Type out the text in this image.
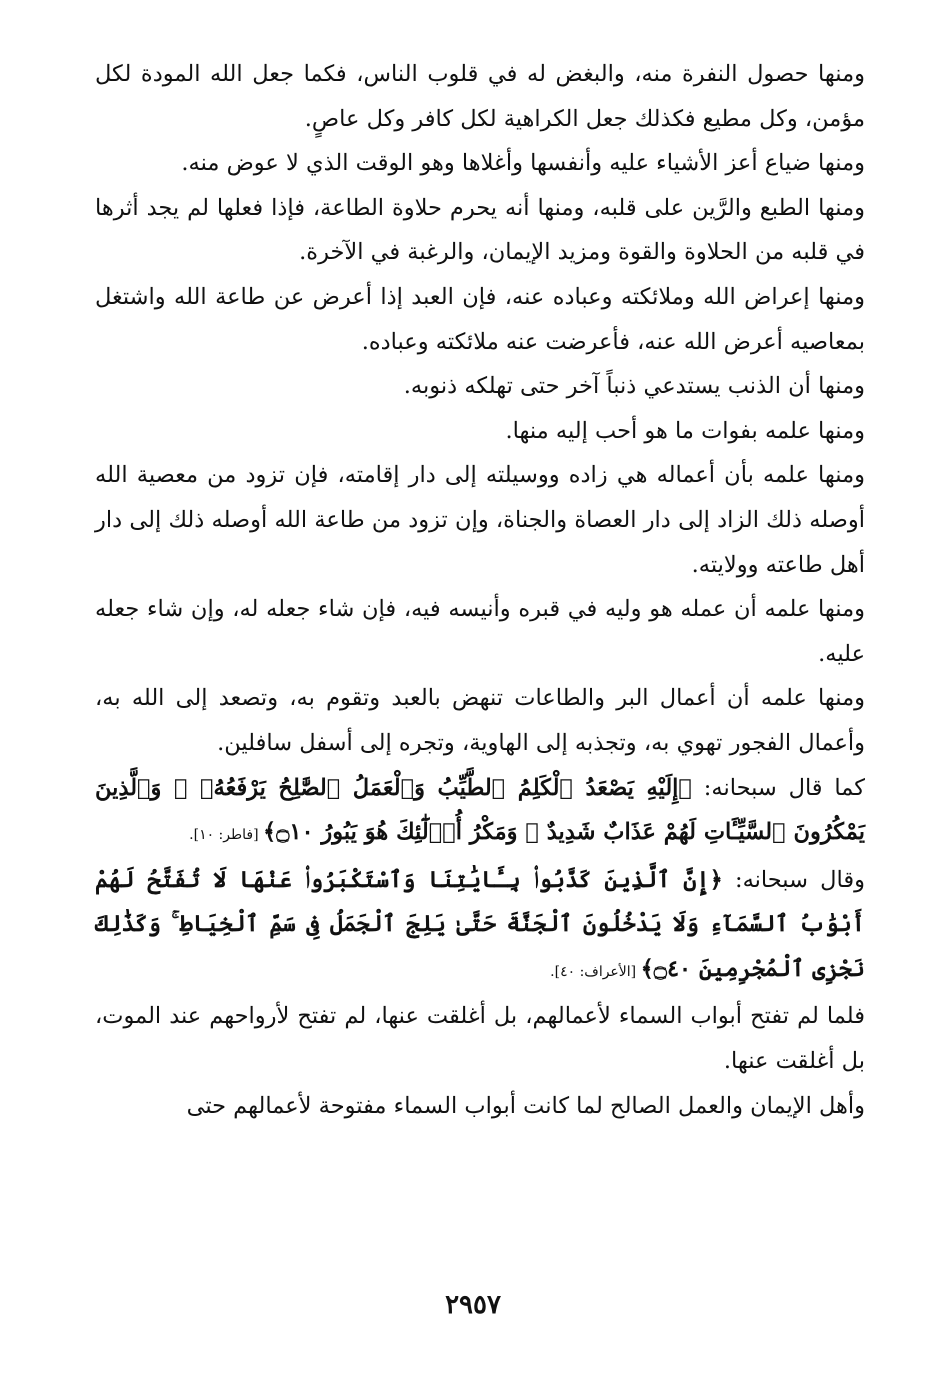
ومنها حصول النفرة منه، والبغض له في قلوب الناس، فكما جعل الله المودة لكل مؤمن، وكل مطيع فكذلك جعل الكراهية لكل كافر وكل عاصٍ.

ومنها ضياع أعز الأشياء عليه وأنفسها وأغلاها وهو الوقت الذي لا عوض منه.

ومنها الطبع والرَّين على قلبه، ومنها أنه يحرم حلاوة الطاعة، فإذا فعلها لم يجد أثرها في قلبه من الحلاوة والقوة ومزيد الإيمان، والرغبة في الآخرة.

ومنها إعراض الله وملائكته وعباده عنه، فإن العبد إذا أعرض عن طاعة الله واشتغل بمعاصيه أعرض الله عنه، فأعرضت عنه ملائكته وعباده.

ومنها أن الذنب يستدعي ذنباً آخر حتى تهلكه ذنوبه.

ومنها علمه بفوات ما هو أحب إليه منها.

ومنها علمه بأن أعماله هي زاده ووسيلته إلى دار إقامته، فإن تزود من معصية الله أوصله ذلك الزاد إلى دار العصاة والجناة، وإن تزود من طاعة الله أوصله ذلك إلى دار أهل طاعته وولايته.

ومنها علمه أن عمله هو وليه في قبره وأنيسه فيه، فإن شاء جعله له، وإن شاء جعله عليه.

ومنها علمه أن أعمال البر والطاعات تنهض بالعبد وتقوم به، وتصعد إلى الله به، وأعمال الفجور تهوي به، وتجذبه إلى الهاوية، وتجره إلى أسفل سافلين.

كما قال سبحانه: ﴿إِلَيْهِ يَصْعَدُ ٱلْكَلِمُ ٱلطَّيِّبُ وَٱلْعَمَلُ ٱلصَّٰلِحُ يَرْفَعُهُۥ ۚ وَٱلَّذِينَ يَمْكُرُونَ ٱلسَّيِّـَٔاتِ لَهُمْ عَذَابٌ شَدِيدٌ ۖ وَمَكْرُ أُو۟لَٰٓئِكَ هُوَ يَبُورُ ۝١٠﴾ [فاطر: ١٠].

وقال سبحانه: ﴿إِنَّ ٱلَّذِينَ كَذَّبُوا۟ بِـَٔايَٰتِنَا وَٱسْتَكْبَرُوا۟ عَنْهَا لَا تُفَتَّحُ لَهُمْ أَبْوَٰبُ ٱلسَّمَآءِ وَلَا يَدْخُلُونَ ٱلْجَنَّةَ حَتَّىٰ يَلِجَ ٱلْجَمَلُ فِى سَمِّ ٱلْخِيَاطِ ۚ وَكَذَٰلِكَ نَجْزِى ٱلْمُجْرِمِينَ ۝٤٠﴾ [الأعراف: ٤٠].

فلما لم تفتح أبواب السماء لأعمالهم، بل أغلقت عنها، لم تفتح لأرواحهم عند الموت، بل أغلقت عنها.

وأهل الإيمان والعمل الصالح لما كانت أبواب السماء مفتوحة لأعمالهم حتى

٢٩٥٧
